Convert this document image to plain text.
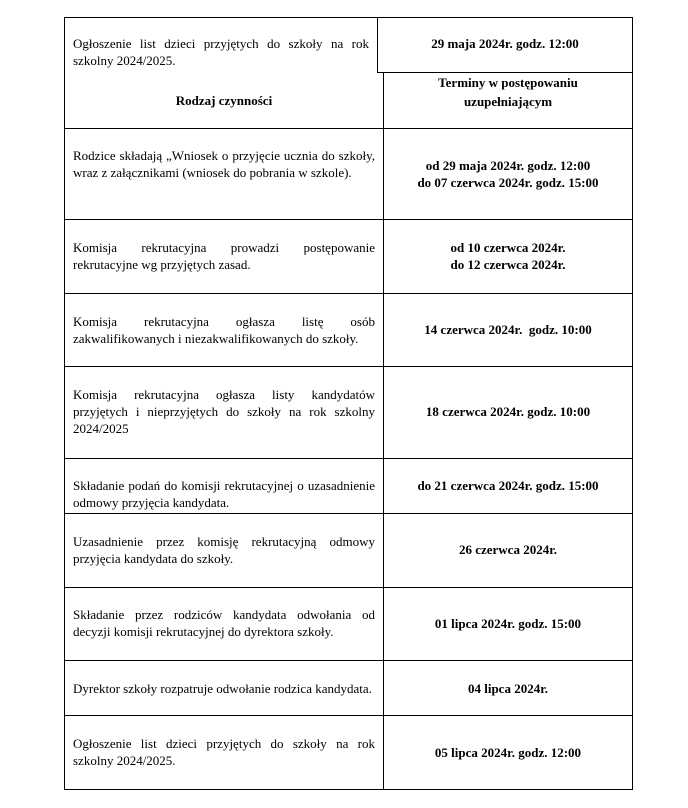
Ogłoszenie list dzieci przyjętych do szkoły na rok szkolny 2024/2025.
29 maja 2024r. godz. 12:00
Rodzaj czynności
Terminy w postępowaniu
uzupełniającym
Rodzice składają „Wniosek o przyjęcie ucznia do szkoły, wraz z załącznikami (wniosek do pobrania w szkole).	od 29 maja 2024r. godz. 12:00
do 07 czerwca 2024r. godz. 15:00
Komisja rekrutacyjna prowadzi postępowanie rekrutacyjne wg przyjętych zasad.
od 10 czerwca 2024r.
do 12 czerwca 2024r.
Komisja rekrutacyjna ogłasza listę osób zakwalifikowanych i niezakwalifikowanych do szkoły.
14 czerwca 2024r.  godz. 10:00
Komisja rekrutacyjna ogłasza listy kandydatów przyjętych i nieprzyjętych do szkoły na rok szkolny 2024/2025
18 czerwca 2024r. godz. 10:00
Składanie podań do komisji rekrutacyjnej o uzasadnienie odmowy przyjęcia kandydata.
do 21 czerwca 2024r. godz. 15:00
Uzasadnienie przez komisję rekrutacyjną odmowy przyjęcia kandydata do szkoły.
26 czerwca 2024r.
Składanie przez rodziców kandydata odwołania od decyzji komisji rekrutacyjnej do dyrektora szkoły.
01 lipca 2024r. godz. 15:00
Dyrektor szkoły rozpatruje odwołanie rodzica kandydata.	04 lipca 2024r.
Ogłoszenie list dzieci przyjętych do szkoły na rok szkolny 2024/2025.
05 lipca 2024r. godz. 12:00
